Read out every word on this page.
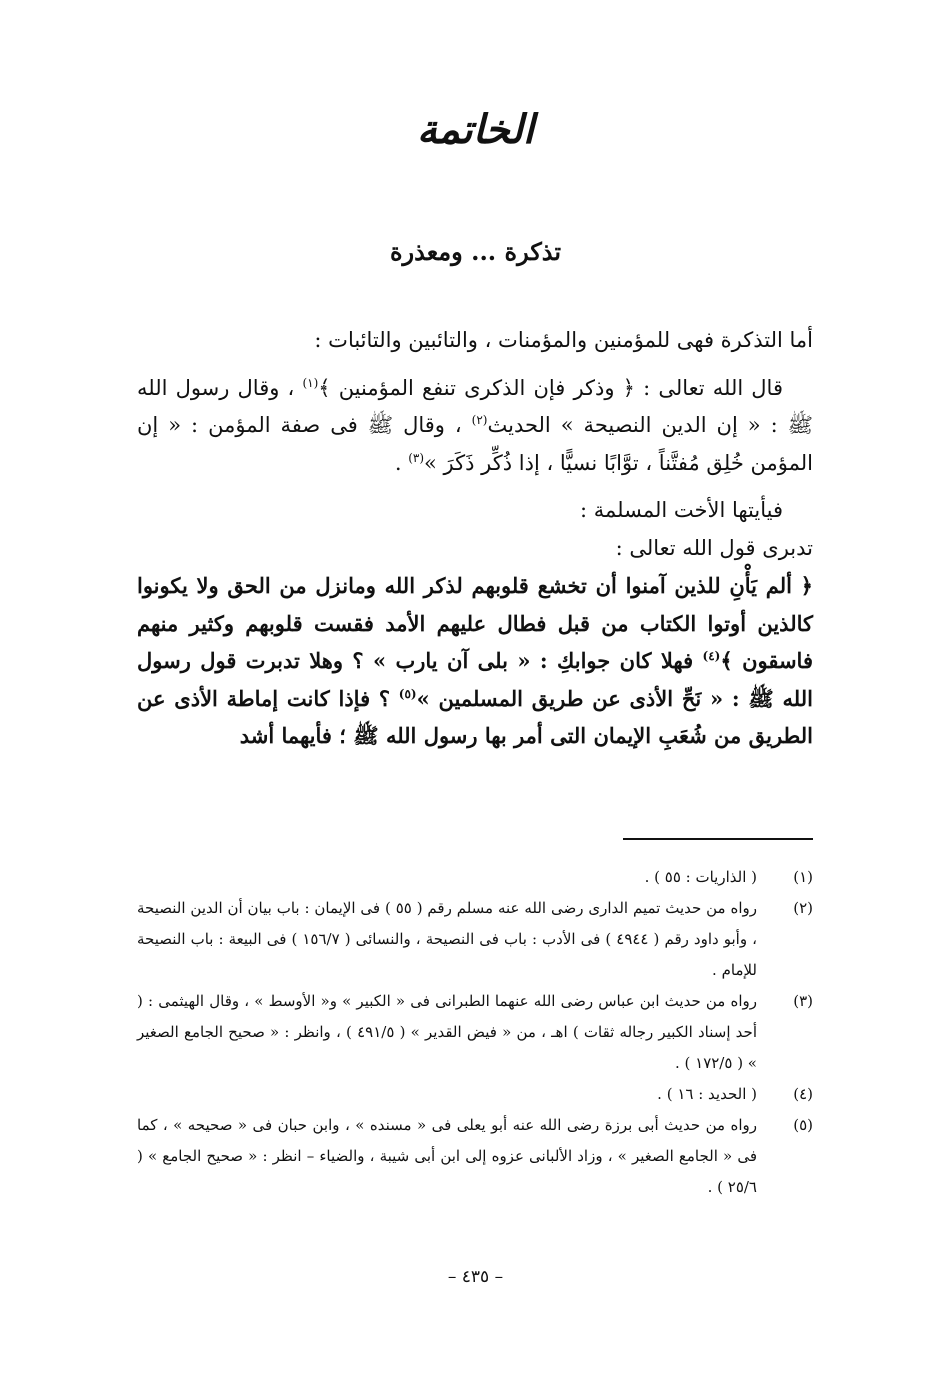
الخاتمة
تذكرة ... ومعذرة

أما التذكرة فهى للمؤمنين والمؤمنات ، والتائبين والتائبات :

قال الله تعالى : ﴿ وذكر فإن الذكرى تنفع المؤمنين ﴾$^{(١)}$ ، وقال رسول الله ﷺ : « إن الدين النصيحة » الحديث$^{(٢)}$ ، وقال ﷺ فى صفة المؤمن : « إن المؤمن خُلِق مُفتَّناً ، توَّابًا نسيًّا ، إذا ذُكِّر ذَكَرَ »$^{(٣)}$ .

فيأيتها الأخت المسلمة :

تدبرى قول الله تعالى :

﴿ ألم يَأْنِ للذين آمنوا أن تخشع قلوبهم لذكر الله ومانزل من الحق ولا يكونوا كالذين أوتوا الكتاب من قبل فطال عليهم الأمد فقست قلوبهم وكثير منهم فاسقون ﴾$^{(٤)}$ فهلا كان جوابكِ : « بلى آن يارب » ؟ وهلا تدبرت قول رسول الله ﷺ : « نَحِّ الأذى عن طريق المسلمين »$^{(٥)}$ ؟ فإذا كانت إماطة الأذى عن الطريق من شُعَبِ الإيمان التى أمر بها رسول الله ﷺ ؛ فأيهما أشد

(١)
( الذاريات : ٥٥ ) .
(٢)
رواه من حديث تميم الدارى رضى الله عنه مسلم رقم ( ٥٥ ) فى الإيمان : باب بيان أن الدين النصيحة ، وأبو داود رقم ( ٤٩٤٤ ) فى الأدب : باب فى النصيحة ، والنسائى ( ١٥٦/٧ ) فى البيعة : باب النصيحة للإمام .
(٣)
رواه من حديث ابن عباس رضى الله عنهما الطبرانى فى « الكبير » و« الأوسط » ، وقال الهيثمى : ( أحد إسناد الكبير رجاله ثقات ) اهـ ، من « فيض القدير » ( ٤٩١/٥ ) ، وانظر : « صحيح الجامع الصغير » ( ١٧٢/٥ ) .
(٤)
( الحديد : ١٦ ) .
(٥)
رواه من حديث أبى برزة رضى الله عنه أبو يعلى فى « مسنده » ، وابن حبان فى « صحيحه » ، كما فى « الجامع الصغير » ، وزاد الألبانى عزوه إلى ابن أبى شيبة ، والضياء – انظر : « صحيح الجامع » ( ٢٥/٦ ) .
– ٤٣٥ –
